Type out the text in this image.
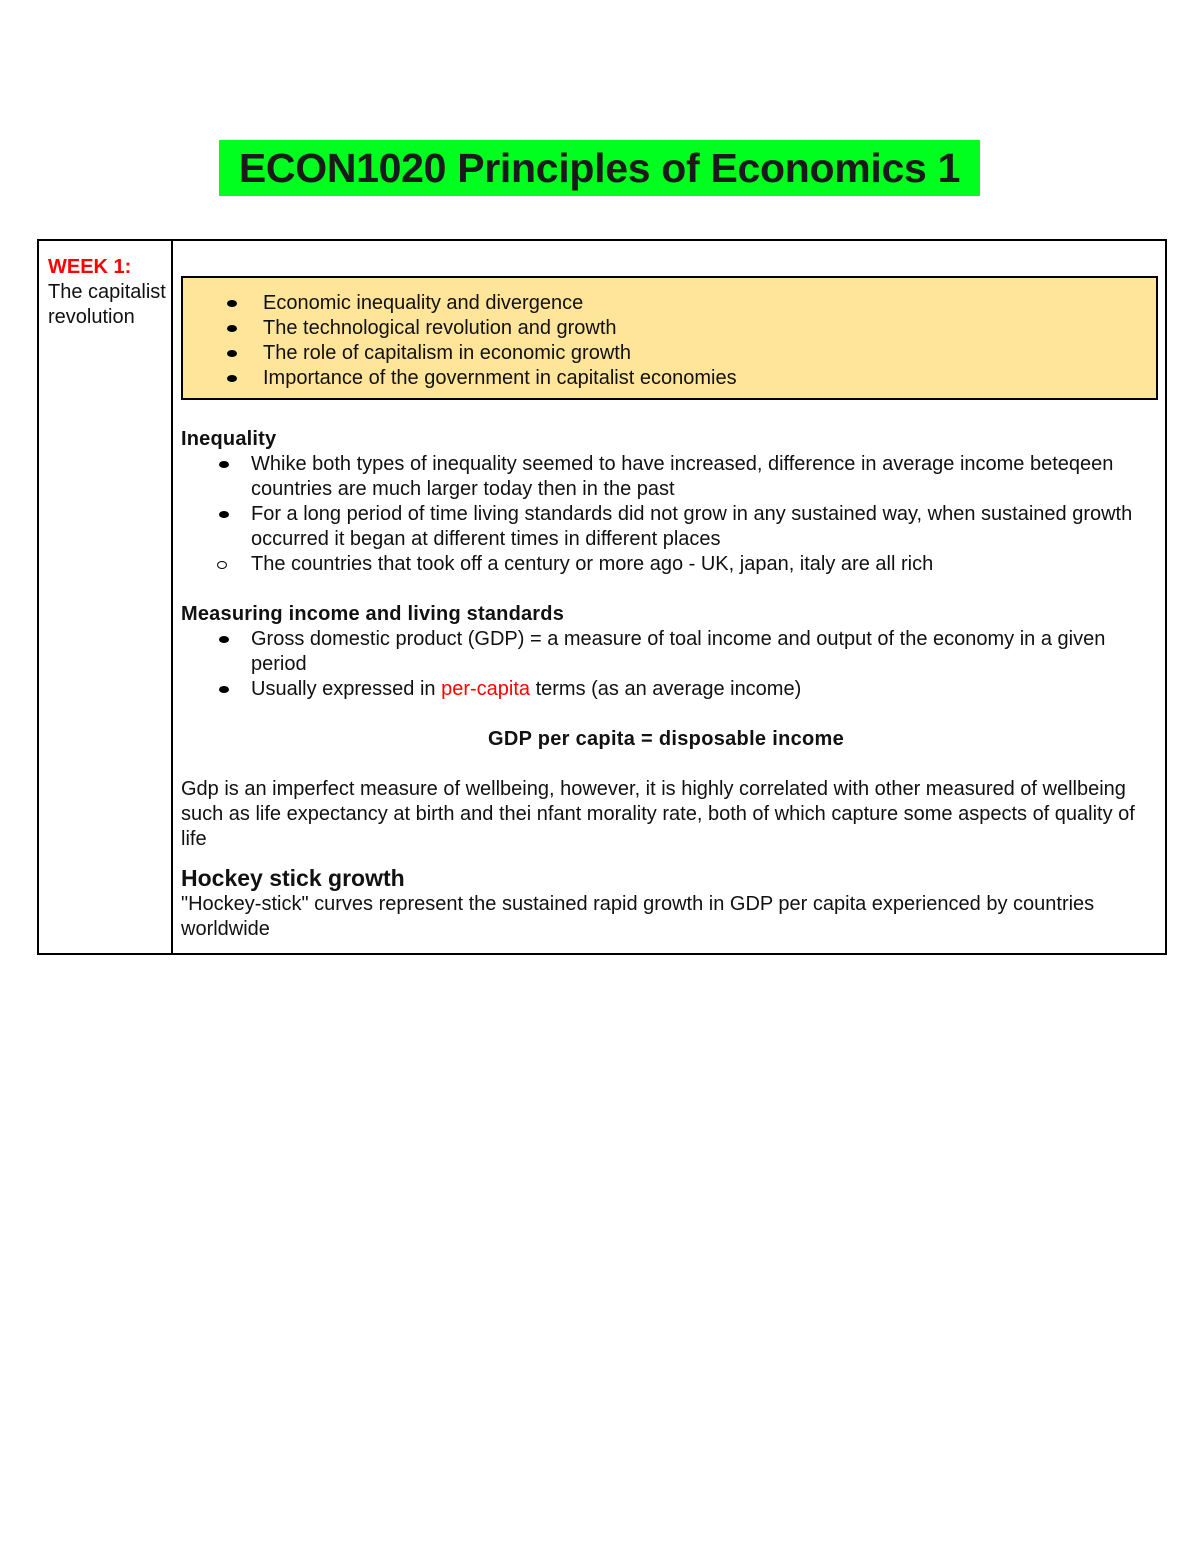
ECON1020 Principles of Economics 1
WEEK 1:
The capitalist revolution
Economic inequality and divergence
The technological revolution and growth
The role of capitalism in economic growth
Importance of the government in capitalist economies
Inequality
Whike both types of inequality seemed to have increased, difference in average income beteqeen countries are much larger today then in the past
For a long period of time living standards did not grow in any sustained way, when sustained growth occurred it began at different times in different places
The countries that took off a century or more ago - UK, japan, italy are all rich
Measuring income and living standards
Gross domestic product (GDP) = a measure of toal income and output of the economy in a given period
Usually expressed in per-capita terms (as an average income)
GDP per capita = disposable income
Gdp is an imperfect measure of wellbeing, however, it is highly correlated with other measured of wellbeing such as life expectancy at birth and thei nfant morality rate, both of which capture some aspects of quality of life
Hockey stick growth
"Hockey-stick" curves represent the sustained rapid growth in GDP per capita experienced by countries worldwide
